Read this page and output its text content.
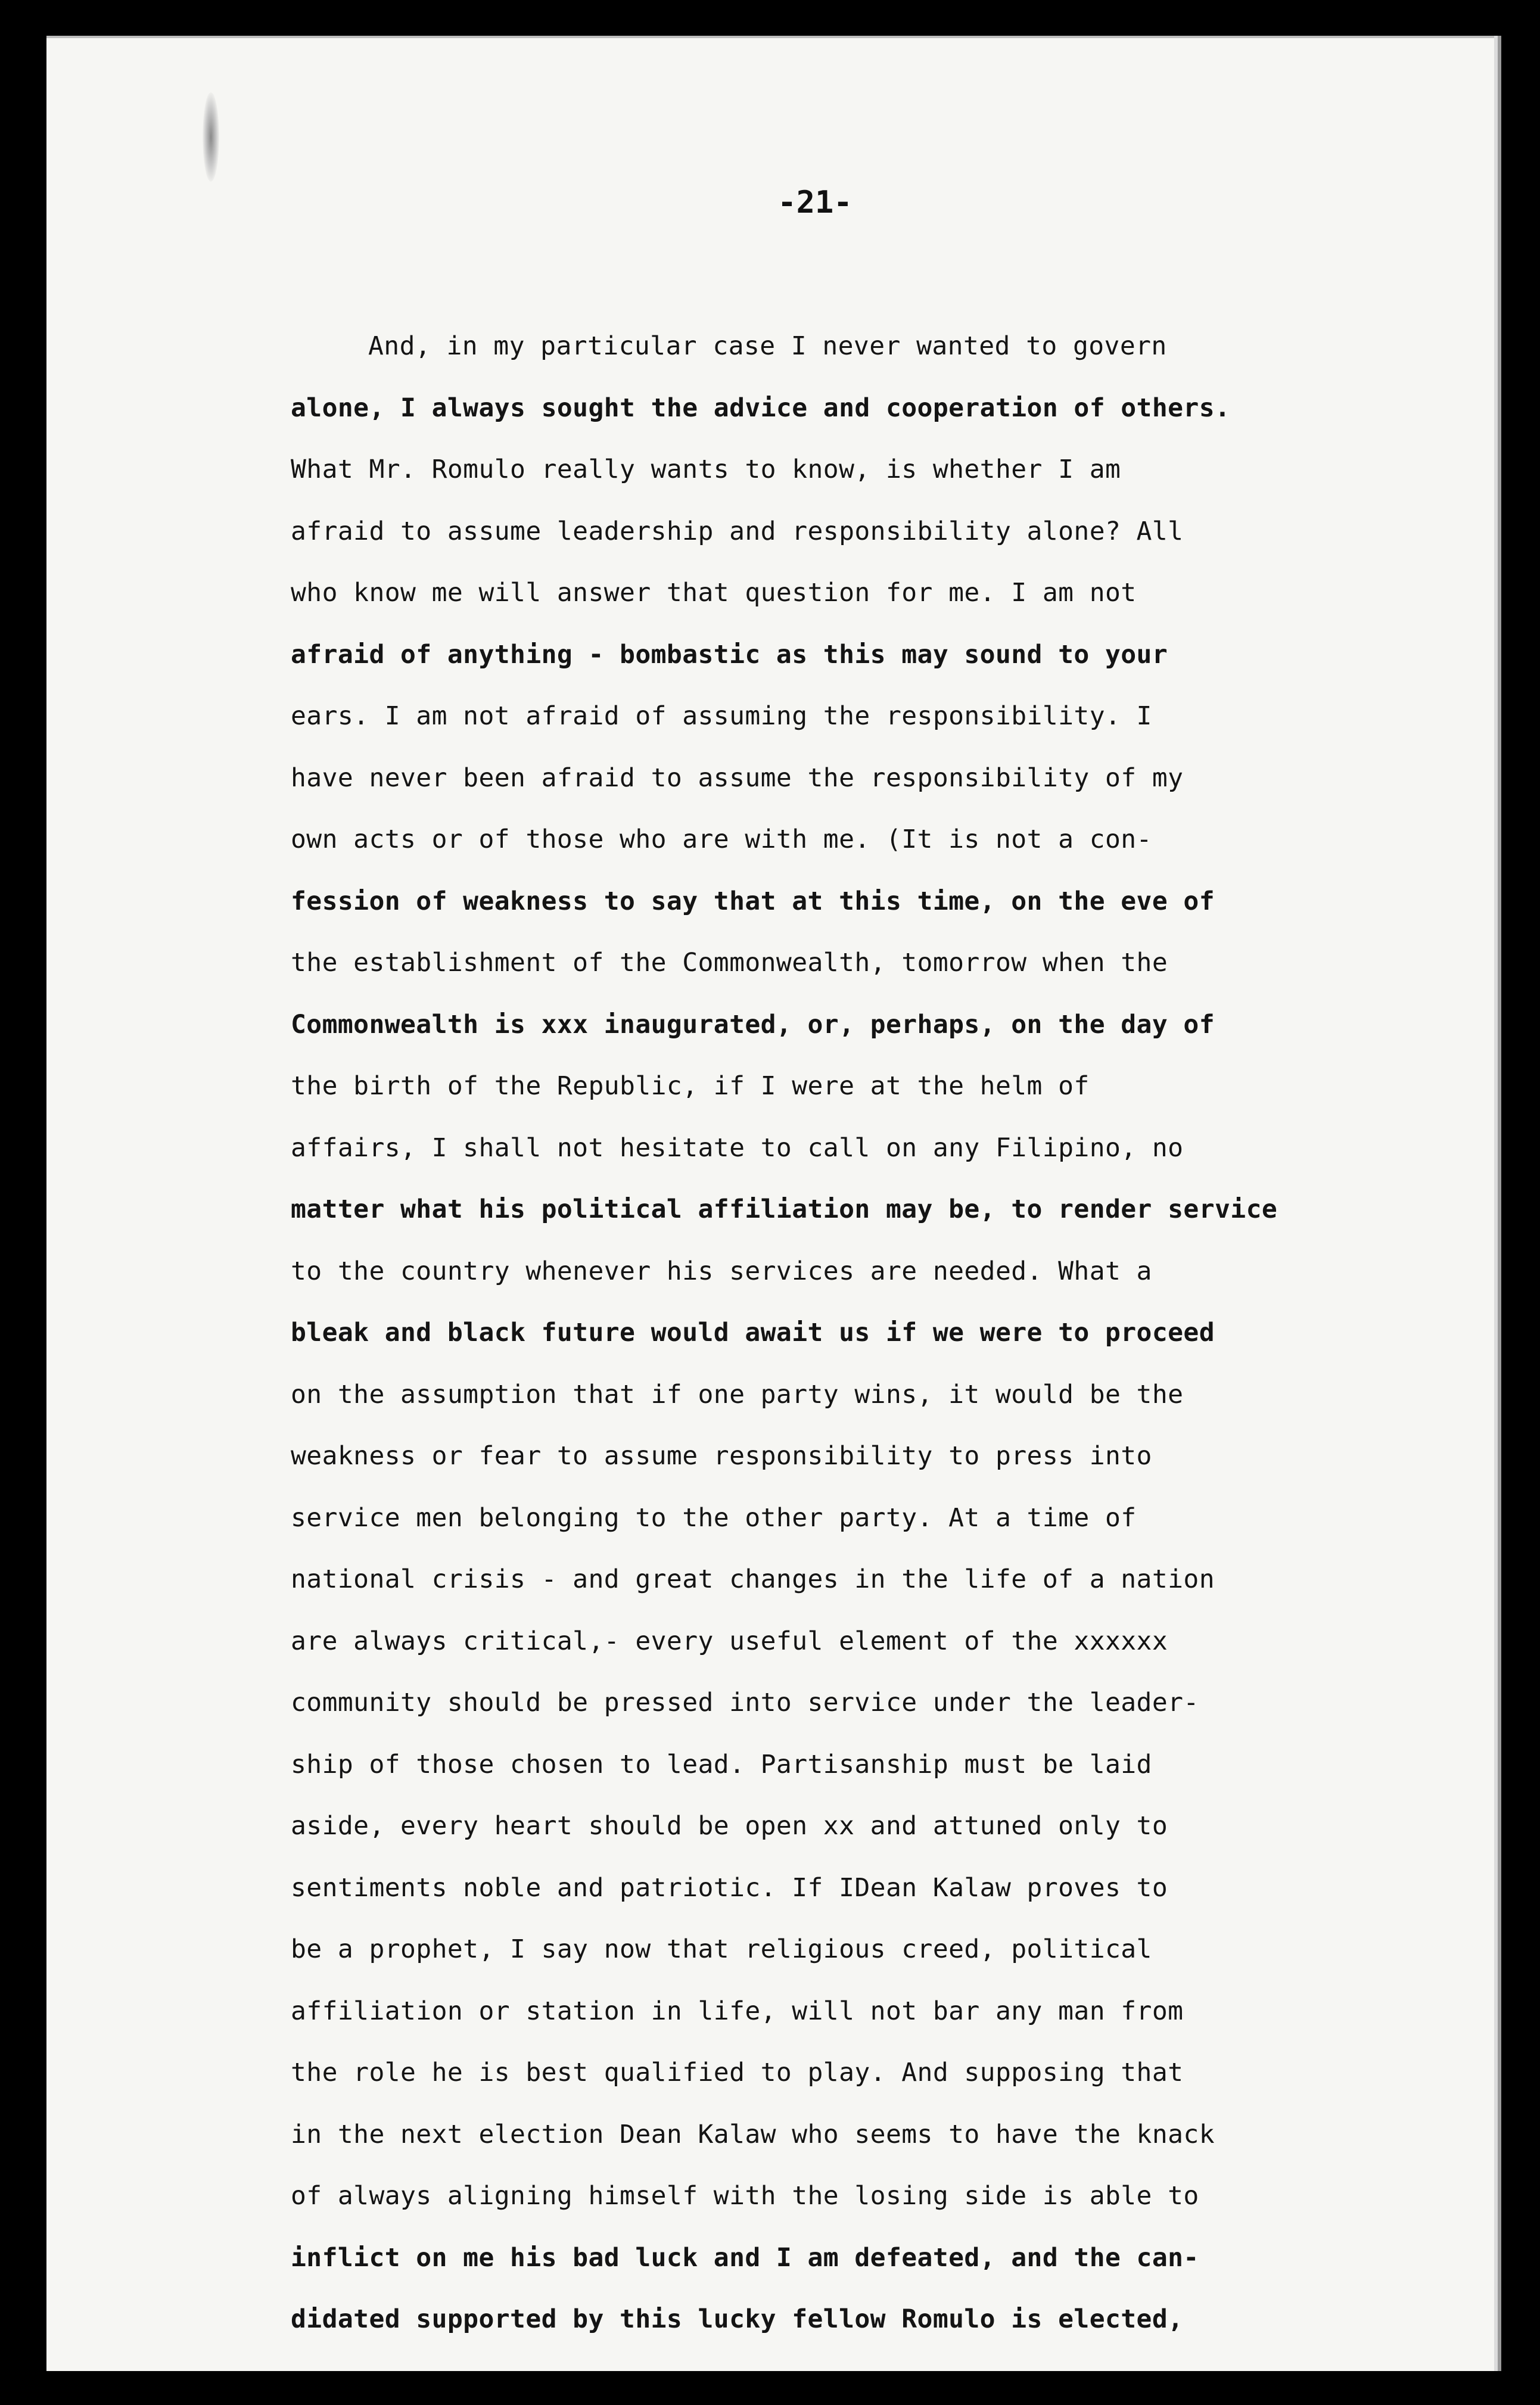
-21-
And, in my particular case I never wanted to govern
alone, I always sought the advice and cooperation of others.
What Mr. Romulo really wants to know, is whether I am
afraid to assume leadership and responsibility alone? All
who know me will answer that question for me. I am not
afraid of anything - bombastic as this may sound to your
ears. I am not afraid of assuming the responsibility. I
have never been afraid to assume the responsibility of my
own acts or of those who are with me. (It is not a con-
fession of weakness to say that at this time, on the eve of
the establishment of the Commonwealth, tomorrow when the
Commonwealth is xxx inaugurated, or, perhaps, on the day of
the birth of the Republic, if I were at the helm of
affairs, I shall not hesitate to call on any Filipino, no
matter what his political affiliation may be, to render service
to the country whenever his services are needed. What a
bleak and black future would await us if we were to proceed
on the assumption that if one party wins, it would be the
weakness or fear to assume responsibility to press into
service men belonging to the other party. At a time of
national crisis - and great changes in the life of a nation
are always critical,- every useful element of the xxxxxx
community should be pressed into service under the leader-
ship of those chosen to lead. Partisanship must be laid
aside, every heart should be open xx and attuned only to
sentiments noble and patriotic. If IDean Kalaw proves to
be a prophet, I say now that religious creed, political
affiliation or station in life, will not bar any man from
the role he is best qualified to play. And supposing that
in the next election Dean Kalaw who seems to have the knack
of always aligning himself with the losing side is able to
inflict on me his bad luck and I am defeated, and the can-
didated supported by this lucky fellow Romulo is elected,
